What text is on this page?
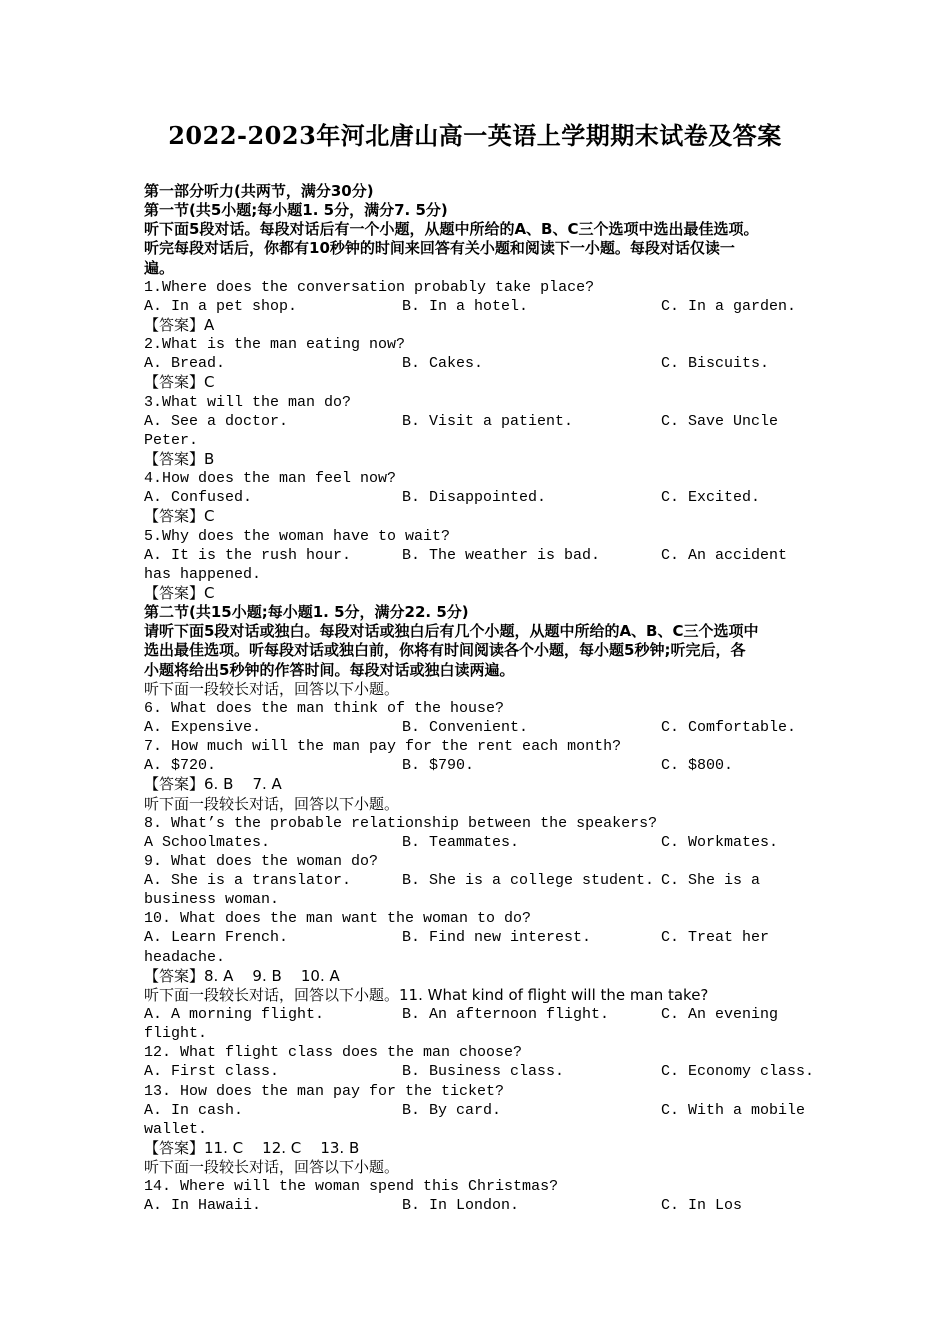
2022-2023年河北唐山高一英语上学期期末试卷及答案
第一部分听力(共两节，满分30分)
第一节(共5小题;每小题1. 5分，满分7. 5分)
听下面5段对话。每段对话后有一个小题，从题中所给的A、B、C三个选项中选出最佳选项。
听完每段对话后，你都有10秒钟的时间来回答有关小题和阅读下一小题。每段对话仅读一
遍。
1.Where does the conversation probably take place?

A. In a pet shop.

	B. In a hotel.

	C. In a garden.

【答案】A
2.What is the man eating now?

A. Bread.

	B. Cakes.

	C. Biscuits.

【答案】C
3.What will the man do?

A. See a doctor.

	B. Visit a patient.

	C. Save Uncle

Peter.
【答案】B
4.How does the man feel now?

A. Confused.

	B. Disappointed.

	C. Excited.

【答案】C
5.Why does the woman have to wait?

A. It is the rush hour.

	B. The weather is bad.

	C. An accident

has happened.
【答案】C
第二节(共15小题;每小题1. 5分，满分22. 5分)
请听下面5段对话或独白。每段对话或独白后有几个小题，从题中所给的A、B、C三个选项中
选出最佳选项。听每段对话或独白前，你将有时间阅读各个小题，每小题5秒钟;听完后，各
小题将给出5秒钟的作答时间。每段对话或独白读两遍。
听下面一段较长对话，回答以下小题。
6. What does the man think of the house?

A. Expensive.

	B. Convenient.

	C. Comfortable.

7. How much will the man pay for the rent each month?

A. $720.

	B. $790.

	C. $800.

【答案】6. B    7. A
听下面一段较长对话，回答以下小题。
8. What’s the probable relationship between the speakers?

A Schoolmates.

	B. Teammates.

	C. Workmates.

9. What does the woman do?

A. She is a translator.

	B. She is a college student.

C. She is a

business woman.
10. What does the man want the woman to do?

A. Learn French.

	B. Find new interest.

	C. Treat her

headache.
【答案】8. A    9. B    10. A
听下面一段较长对话，回答以下小题。11. What kind of flight will the man take?

A. A morning flight.

	B. An afternoon flight.

	C. An evening

flight.
12. What flight class does the man choose?

A. First class.

	B. Business class.

	C. Economy class.

13. How does the man pay for the ticket?

A. In cash.

	B. By card.

	C. With a mobile

wallet.
【答案】11. C    12. C    13. B
听下面一段较长对话，回答以下小题。
14. Where will the woman spend this Christmas?

A. In Hawaii.

	B. In London.

	C. In Los
